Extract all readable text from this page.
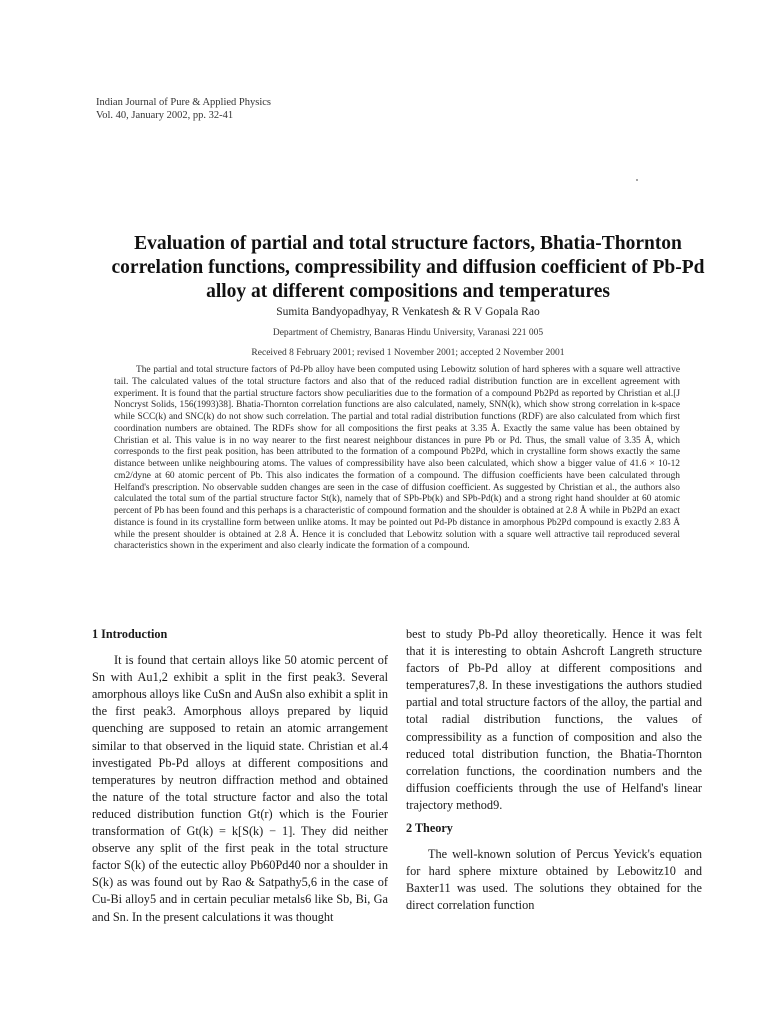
Indian Journal of Pure & Applied Physics
Vol. 40, January 2002, pp. 32-41
Evaluation of partial and total structure factors, Bhatia-Thornton correlation functions, compressibility and diffusion coefficient of Pb-Pd alloy at different compositions and temperatures
Sumita Bandyopadhyay, R Venkatesh & R V Gopala Rao
Department of Chemistry, Banaras Hindu University, Varanasi 221 005
Received 8 February 2001; revised 1 November 2001; accepted 2 November 2001
The partial and total structure factors of Pd-Pb alloy have been computed using Lebowitz solution of hard spheres with a square well attractive tail. The calculated values of the total structure factors and also that of the reduced radial distribution function are in excellent agreement with experiment. It is found that the partial structure factors show peculiarities due to the formation of a compound Pb2Pd as reported by Christian et al.[J Noncryst Solids, 156(1993)38]. Bhatia-Thornton correlation functions are also calculated, namely, SNN(k), which show strong correlation in k-space while SCC(k) and SNC(k) do not show such correlation. The partial and total radial distribution functions (RDF) are also calculated from which first coordination numbers are obtained. The RDFs show for all compositions the first peaks at 3.35 Å. Exactly the same value has been obtained by Christian et al. This value is in no way nearer to the first nearest neighbour distances in pure Pb or Pd. Thus, the small value of 3.35 Å, which corresponds to the first peak position, has been attributed to the formation of a compound Pb2Pd, which in crystalline form shows exactly the same distance between unlike neighbouring atoms. The values of compressibility have also been calculated, which show a bigger value of 41.6 × 10-12 cm2/dyne at 60 atomic percent of Pb. This also indicates the formation of a compound. The diffusion coefficients have been calculated through Helfand's prescription. No observable sudden changes are seen in the case of diffusion coefficient. As suggested by Christian et al., the authors also calculated the total sum of the partial structure factor St(k), namely that of SPb-Pb(k) and SPb-Pd(k) and a strong right hand shoulder at 60 atomic percent of Pb has been found and this perhaps is a characteristic of compound formation and the shoulder is obtained at 2.8 Å while in Pb2Pd an exact distance is found in its crystalline form between unlike atoms. It may be pointed out Pd-Pb distance in amorphous Pb2Pd compound is exactly 2.83 Å while the present shoulder is obtained at 2.8 Å. Hence it is concluded that Lebowitz solution with a square well attractive tail reproduced several characteristics shown in the experiment and also clearly indicate the formation of a compound.
1 Introduction

It is found that certain alloys like 50 atomic percent of Sn with Au1,2 exhibit a split in the first peak3. Several amorphous alloys like CuSn and AuSn also exhibit a split in the first peak3. Amorphous alloys prepared by liquid quenching are supposed to retain an atomic arrangement similar to that observed in the liquid state. Christian et al.4 investigated Pb-Pd alloys at different compositions and temperatures by neutron diffraction method and obtained the nature of the total structure factor and also the total reduced distribution function Gt(r) which is the Fourier transformation of Gt(k) = k[S(k) − 1]. They did neither observe any split of the first peak in the total structure factor S(k) of the eutectic alloy Pb60Pd40 nor a shoulder in S(k) as was found out by Rao & Satpathy5,6 in the case of Cu-Bi alloy5 and in certain peculiar metals6 like Sb, Bi, Ga and Sn. In the present calculations it was thought

best to study Pb-Pd alloy theoretically. Hence it was felt that it is interesting to obtain Ashcroft Langreth structure factors of Pb-Pd alloy at different compositions and temperatures7,8. In these investigations the authors studied partial and total structure factors of the alloy, the partial and total radial distribution functions, the values of compressibility as a function of composition and also the reduced total distribution function, the Bhatia-Thornton correlation functions, the coordination numbers and the diffusion coefficients through the use of Helfand's linear trajectory method9.

2 Theory

The well-known solution of Percus Yevick's equation for hard sphere mixture obtained by Lebowitz10 and Baxter11 was used. The solutions they obtained for the direct correlation function
